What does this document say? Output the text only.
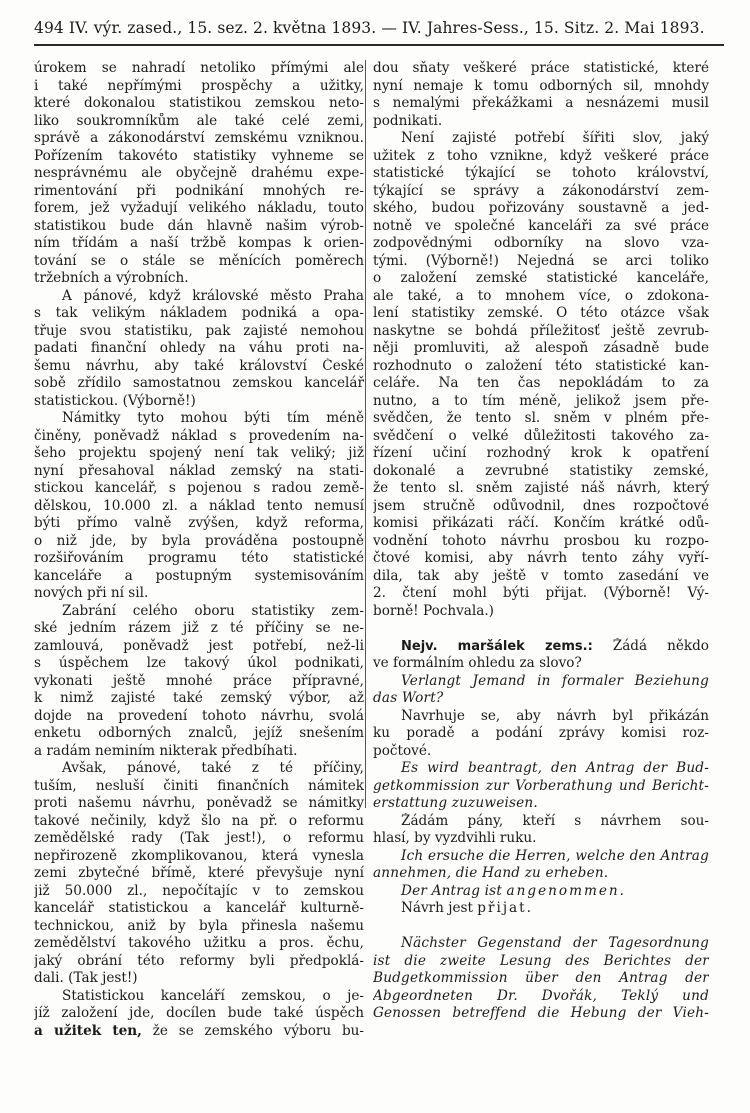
494 IV. výr. zased., 15. sez. 2. května 1893. — IV. Jahres-Sess., 15. Sitz. 2. Mai 1893.
úrokem se nahradí netoliko přímými ale
i také nepřímými prospěchy a užitky,
které dokonalou statistikou zemskou neto-
liko soukromníkům ale také celé zemi,
správě a zákonodárství zemskému vzniknou.
Pořízením takovéto statistiky vyhneme se
nesprávnému ale obyčejně drahému expe-
rimentování při podnikání mnohých re-
forem, jež vyžadují velikého nákladu, touto
statistikou bude dán hlavně našim výrob-
ním třídám a naší tržbě kompas k orien-
tování se o stále se měnících poměrech
tržebních a výrobních.
A pánové, když královské město Praha
s tak velikým nákladem podniká a opa-
třuje svou statistiku, pak zajisté nemohou
padati finanční ohledy na váhu proti na-
šemu návrhu, aby také království České
sobě zřídilo samostatnou zemskou kancelář
statistickou. (Výborně!)
Námitky tyto mohou býti tím méně
činěny, poněvadž náklad s provedením na-
šeho projektu spojený není tak veliký; již
nyní přesahoval náklad zemský na stati-
stickou kancelář, s pojenou s radou země-
dělskou, 10.000 zl. a náklad tento nemusí
býti přímo valně zvýšen, když reforma,
o niž jde, by byla prováděna postoupně
rozšiřováním programu této statistické
kanceláře a postupným systemisováním
nových při ní sil.
Zabrání celého oboru statistiky zem-
ské jedním rázem již z té příčiny se ne-
zamlouvá, poněvadž jest potřebí, než-li
s úspěchem lze takový úkol podnikati,
vykonati ještě mnohé práce přípravné,
k nimž zajisté také zemský výbor, až
dojde na provedení tohoto návrhu, svolá
enketu odborných znalců, jejíž snešením
a radám neminím nikterak předbíhati.
Avšak, pánové, také z té příčiny,
tuším, nesluší činiti finančních námitek
proti našemu návrhu, poněvadž se námitky
takové nečinily, když šlo na př. o reformu
zemědělské rady (Tak jest!), o reformu
nepřirozeně zkomplikovanou, která vynesla
zemi zbytečné břímě, které převyšuje nyní
již 50.000 zl., nepočítajíc v to zemskou
kancelář statistickou a kancelář kulturně-
technickou, aniž by byla přinesla našemu
zemědělství takového užitku a pros. ěchu,
jaký obrání této reformy byli předpoklá-
dali. (Tak jest!)
Statistickou kanceláří zemskou, o je-
jíž založení jde, docílen bude také úspěch
a užitek ten, že se zemského výboru bu-
dou sňaty veškeré práce statistické, které
nyní nemaje k tomu odborných sil, mnohdy
s nemalými překážkami a nesnázemi musil
podnikati.
Není zajisté potřebí šířiti slov, jaký
užitek z toho vznikne, když veškeré práce
statistické týkající se tohoto království,
týkající se správy a zákonodárství zem-
ského, budou pořizovány soustavně a jed-
notně ve společné kanceláři za své práce
zodpovědnými odborníky na slovo vza-
tými. (Výborně!) Nejedná se arci toliko
o založení zemské statistické kanceláře,
ale také, a to mnohem více, o zdokona-
lení statistiky zemské. O této otázce však
naskytne se bohdá příležitosť ještě zevrub-
něji promluviti, až alespoň zásadně bude
rozhodnuto o založení této statistické kan-
celáře. Na ten čas nepokládám to za
nutno, a to tím méně, jelikož jsem pře-
svědčen, že tento sl. sněm v plném pře-
svědčení o velké důležitosti takového za-
řízení učiní rozhodný krok k opatření
dokonalé a zevrubné statistiky zemské,
že tento sl. sněm zajisté náš návrh, který
jsem stručně odůvodnil, dnes rozpočtové
komisi přikázati ráčí. Končím krátké odů-
vodnění tohoto návrhu prosbou ku rozpo-
čtové komisi, aby návrh tento záhy vyří-
dila, tak aby ještě v tomto zasedání ve
2. čtení mohl býti přijat. (Výborně! Vý-
borně! Pochvala.)
Nejv. maršálek zems.: Žádá někdo
ve formálním ohledu za slovo?
Verlangt Jemand in formaler Beziehung
das Wort?
Navrhuje se, aby návrh byl přikázán
ku poradě a podání zprávy komisi roz-
počtové.
Es wird beantragt, den Antrag der Bud-
getkommission zur Vorberathung und Bericht-
erstattung zuzuweisen.
Žádám pány, kteří s návrhem sou-
hlasí, by vyzdvihli ruku.
Ich ersuche die Herren, welche den Antrag
annehmen, die Hand zu erheben.
Der Antrag ist angenommen.
Návrh jest přijat.
Nächster Gegenstand der Tagesordnung
ist die zweite Lesung des Berichtes der
Budgetkommission über den Antrag der
Abgeordneten Dr. Dvořák, Teklý und
Genossen betreffend die Hebung der Vieh-
